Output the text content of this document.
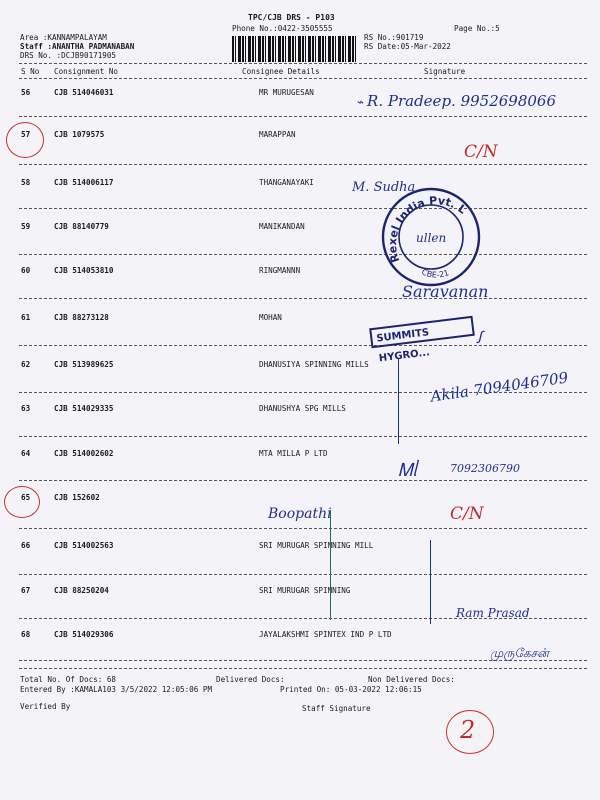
TPC/CJB DRS - P103
Phone No.:0422-3505555	Page No.:5
Area :KANNAMPALAYAM
Staff :ANANTHA PADMANABAN
DRS No. :DCJB90171905
RS No.:901719
RS Date:05-Mar-2022
S No Consignment No	Consignee Details	Signature
56	CJB 514046031	MR MURUGESAN
57	CJB 1079575	MARAPPAN
58	CJB 514006117	THANGANAYAKI
59	CJB 88140779	MANIKANDAN
60	CJB 514053810	RINGMANNN
61	CJB 88273128	MOHAN
62	CJB 513989625	DHANUSIYA SPINNING MILLS
63	CJB 514029335	DHANUSHYA SPG MILLS
64	CJB 514002602	MTA MILLA P LTD
65	CJB 152602
66	CJB 514002563	SRI MURUGAR SPINNING MILL
67	CJB 88250204	SRI MURUGAR SPINNING
68	CJB 514029306	JAYALAKSHMI SPINTEX IND P LTD
Total No. Of Docs: 68	Delivered Docs:	Non Delivered Docs:
Entered By :KAMALA103 3/5/2022 12:05:06 PM	Printed On: 05-03-2022 12:06:15
Verified By	Staff Signature
2
⌁ R. Pradeep. 9952698066
C/N
M. Sudha
Rexel India Pvt. Ltd.
CBE-21
ullen
Saravanan
SUMMITS HYGRO...
ꭍ
Akila 7094046709
Ꮇᥣ	7092306790
Boopathi	C/N
Ram Prasad
முருகேசன்
